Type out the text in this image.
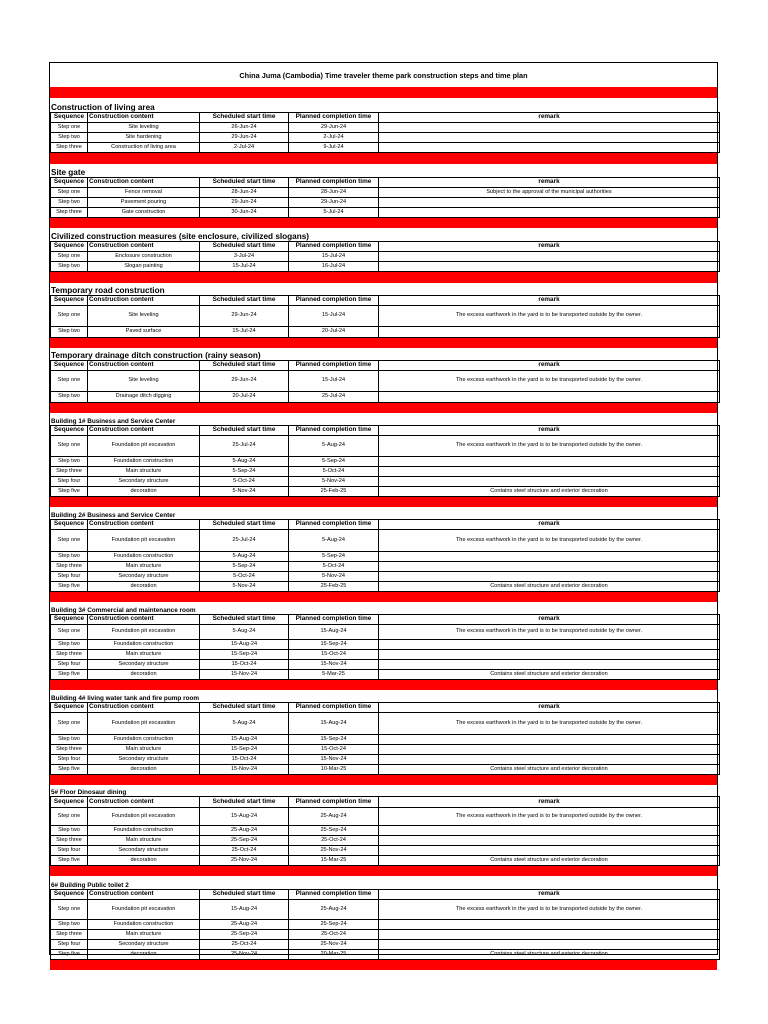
China Juma (Cambodia) Time traveler theme park construction steps and time plan
Construction of living area
Sequence	Construction content	Scheduled start time	Planned completion time	remark
Step one	Site leveling	26-Jun-24	29-Jun-24	
Step two	Site hardening	29-Jun-24	2-Jul-24	
Step three	Construction of living area	2-Jul-24	9-Jul-24	
Site gate
Sequence	Construction content	Scheduled start time	Planned completion time	remark
Step one	Fence removal	28-Jun-24	28-Jun-24	Subject to the approval of the municipal authorities
Step two	Pavement pouring	29-Jun-24	29-Jun-24	
Step three	Gate construction	30-Jun-24	5-Jul-24	
Civilized construction measures (site enclosure, civilized slogans)
Sequence	Construction content	Scheduled start time	Planned completion time	remark
Step one	Enclosure construction	3-Jul-24	15-Jul-24	
Step two	Slogan painting	15-Jul-24	16-Jul-24	
Temporary road construction
Sequence	Construction content	Scheduled start time	Planned completion time	remark
Step one	Site leveling	29-Jun-24	15-Jul-24	The excess earthwork in the yard is to be transported outside by the owner.
Step two	Paved surface	15-Jul-24	20-Jul-24	
Temporary drainage ditch construction (rainy season)
Sequence	Construction content	Scheduled start time	Planned completion time	remark
Step one	Site leveling	29-Jun-24	15-Jul-24	The excess earthwork in the yard is to be transported outside by the owner.
Step two	Drainage ditch digging	20-Jul-24	25-Jul-24	
Building 1# Business and Service Center
Sequence	Construction content	Scheduled start time	Planned completion time	remark
Step one	Foundation pit excavation	25-Jul-24	5-Aug-24	The excess earthwork in the yard is to be transported outside by the owner.
Step two	Foundation construction	5-Aug-24	5-Sep-24	
Step three	Main structure	5-Sep-24	5-Oct-24	
Step four	Secondary structure	5-Oct-24	5-Nov-24	
Step five	decoration	5-Nov-24	25-Feb-25	Contains steel structure and exterior decoration
Building 2# Business and Service Center
Sequence	Construction content	Scheduled start time	Planned completion time	remark
Step one	Foundation pit excavation	25-Jul-24	5-Aug-24	The excess earthwork in the yard is to be transported outside by the owner.
Step two	Foundation construction	5-Aug-24	5-Sep-24	
Step three	Main structure	5-Sep-24	5-Oct-24	
Step four	Secondary structure	5-Oct-24	5-Nov-24	
Step five	decoration	5-Nov-24	25-Feb-25	Contains steel structure and exterior decoration
Building 3# Commercial and maintenance room
Sequence	Construction content	Scheduled start time	Planned completion time	remark
Step one	Foundation pit excavation	5-Aug-24	15-Aug-24	The excess earthwork in the yard is to be transported outside by the owner.
Step two	Foundation construction	15-Aug-24	15-Sep-24	
Step three	Main structure	15-Sep-24	15-Oct-24	
Step four	Secondary structure	15-Oct-24	15-Nov-24	
Step five	decoration	15-Nov-24	5-Mar-25	Contains steel structure and exterior decoration
Building 4# living water tank and fire pump room
Sequence	Construction content	Scheduled start time	Planned completion time	remark
Step one	Foundation pit excavation	5-Aug-24	15-Aug-24	The excess earthwork in the yard is to be transported outside by the owner.
Step two	Foundation construction	15-Aug-24	15-Sep-24	
Step three	Main structure	15-Sep-24	15-Oct-24	
Step four	Secondary structure	15-Oct-24	15-Nov-24	
Step five	decoration	15-Nov-24	10-Mar-25	Contains steel structure and exterior decoration
5# Floor Dinosaur dining
Sequence	Construction content	Scheduled start time	Planned completion time	remark
Step one	Foundation pit excavation	15-Aug-24	25-Aug-24	The excess earthwork in the yard is to be transported outside by the owner.
Step two	Foundation construction	25-Aug-24	25-Sep-24	
Step three	Main structure	25-Sep-24	25-Oct-24	
Step four	Secondary structure	25-Oct-24	25-Nov-24	
Step five	decoration	25-Nov-24	15-Mar-25	Contains steel structure and exterior decoration
6# Building Public toilet 2
Sequence	Construction content	Scheduled start time	Planned completion time	remark
Step one	Foundation pit excavation	15-Aug-24	25-Aug-24	The excess earthwork in the yard is to be transported outside by the owner.
Step two	Foundation construction	25-Aug-24	25-Sep-24	
Step three	Main structure	25-Sep-24	25-Oct-24	
Step four	Secondary structure	25-Oct-24	25-Nov-24	
Step five	decoration	25-Nov-24	20-Mar-25	Contains steel structure and exterior decoration
